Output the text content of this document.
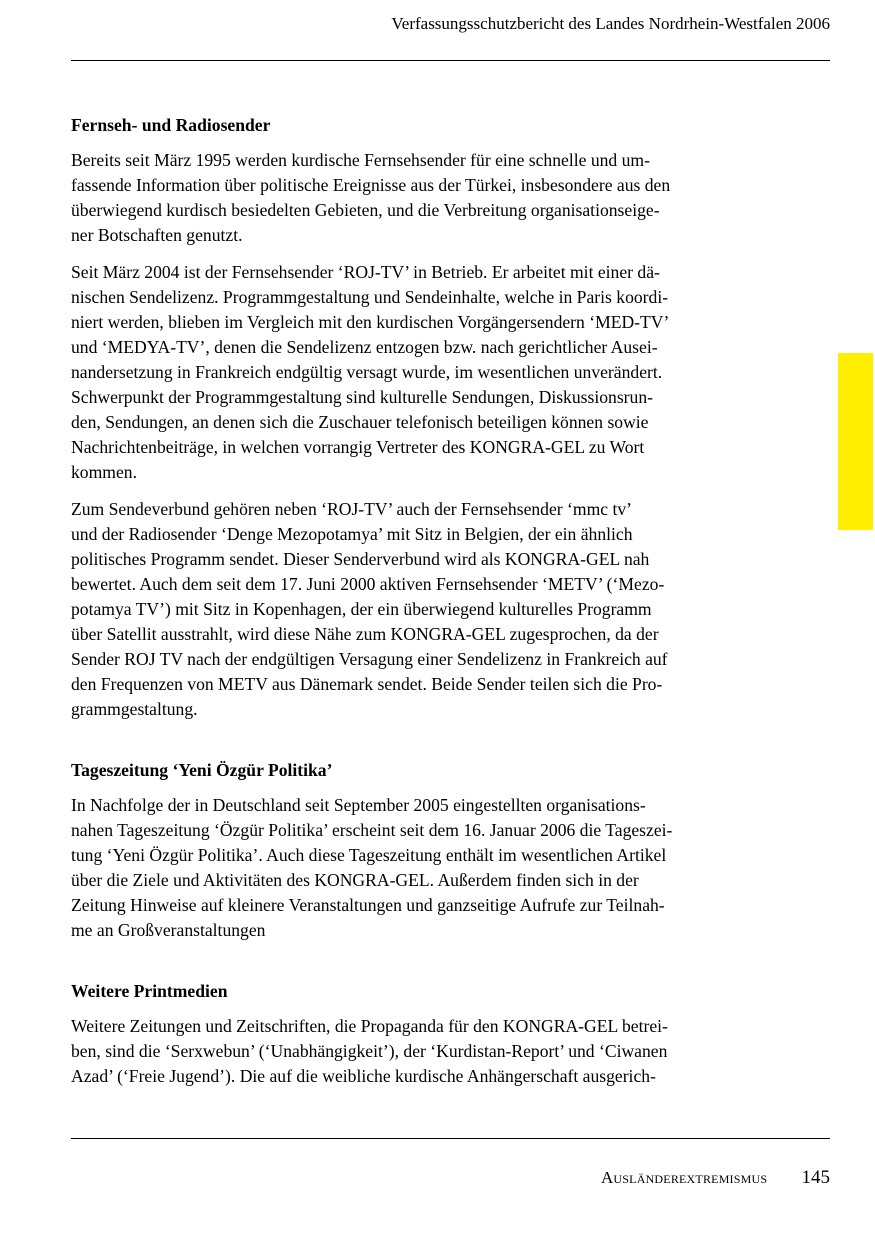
Verfassungsschutzbericht des Landes Nordrhein-Westfalen 2006
Fernseh- und Radiosender

Bereits seit März 1995 werden kurdische Fernsehsender für eine schnelle und um-
fassende Information über politische Ereignisse aus der Türkei, insbesondere aus den
überwiegend kurdisch besiedelten Gebieten, und die Verbreitung organisationseige-
ner Botschaften genutzt.

Seit März 2004 ist der Fernsehsender ‘ROJ-TV’ in Betrieb. Er arbeitet mit einer dä-
nischen Sendelizenz. Programmgestaltung und Sendeinhalte, welche in Paris koordi-
niert werden, blieben im Vergleich mit den kurdischen Vorgängersendern ‘MED-TV’
und ‘MEDYA-TV’, denen die Sendelizenz entzogen bzw. nach gerichtlicher Ausei-
nandersetzung in Frankreich endgültig versagt wurde, im wesentlichen unverändert.
Schwerpunkt der Programmgestaltung sind kulturelle Sendungen, Diskussionsrun-
den, Sendungen, an denen sich die Zuschauer telefonisch beteiligen können sowie
Nachrichtenbeiträge, in welchen vorrangig Vertreter des KONGRA-GEL zu Wort
kommen.

Zum Sendeverbund gehören neben ‘ROJ-TV’ auch der Fernsehsender ‘mmc tv’
und der Radiosender ‘Denge Mezopotamya’ mit Sitz in Belgien, der ein ähnlich
politisches Programm sendet. Dieser Senderverbund wird als KONGRA-GEL nah
bewertet. Auch dem seit dem 17. Juni 2000 aktiven Fernsehsender ‘METV’ (‘Mezo-
potamya TV’) mit Sitz in Kopenhagen, der ein überwiegend kulturelles Programm
über Satellit ausstrahlt, wird diese Nähe zum KONGRA-GEL zugesprochen, da der
Sender ROJ TV nach der endgültigen Versagung einer Sendelizenz in Frankreich auf
den Frequenzen von METV aus Dänemark sendet. Beide Sender teilen sich die Pro-
grammgestaltung.

Tageszeitung ‘Yeni Özgür Politika’

In Nachfolge der in Deutschland seit September 2005 eingestellten organisations-
nahen Tageszeitung ‘Özgür Politika’ erscheint seit dem 16. Januar 2006 die Tageszei-
tung ‘Yeni Özgür Politika’. Auch diese Tageszeitung enthält im wesentlichen Artikel
über die Ziele und Aktivitäten des KONGRA-GEL. Außerdem finden sich in der
Zeitung Hinweise auf kleinere Veranstaltungen und ganzseitige Aufrufe zur Teilnah-
me an Großveranstaltungen

Weitere Printmedien

Weitere Zeitungen und Zeitschriften, die Propaganda für den KONGRA-GEL betrei-
ben, sind die ‘Serxwebun’ (‘Unabhängigkeit’), der ‘Kurdistan-Report’ und ‘Ciwanen
Azad’ (‘Freie Jugend’). Die auf die weibliche kurdische Anhängerschaft ausgerich-

Ausländerextremismus 145
